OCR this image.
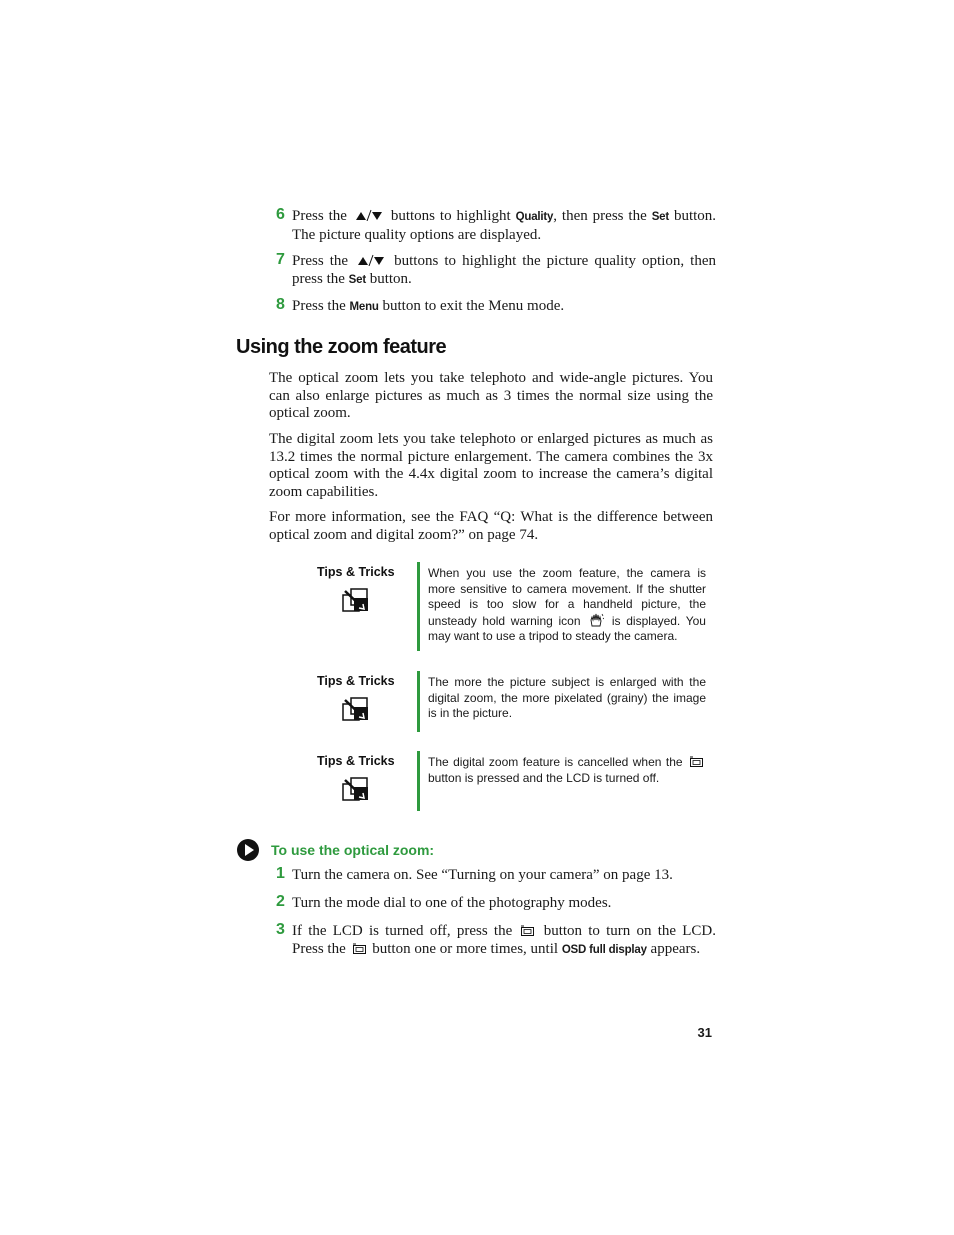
6 Press the	buttons to highlight Quality, then press the Set button. The picture quality options are displayed.
7 Press the	buttons to highlight the picture quality option, then press the Set button.
8 Press the Menu button to exit the Menu mode.
Using the zoom feature

The optical zoom lets you take telephoto and wide-angle pictures. You can also enlarge pictures as much as 3 times the normal size using the optical zoom.

The digital zoom lets you take telephoto or enlarged pictures as much as 13.2 times the normal picture enlargement. The camera combines the 3x optical zoom with the 4.4x digital zoom to increase the camera’s digital zoom capabilities.

For more information, see the FAQ “Q: What is the difference between optical zoom and digital zoom?” on page 74.

Tips & Tricks	When you use the zoom feature, the camera is more sensitive to camera movement. If the shutter speed is too slow for a handheld picture, the unsteady hold warning icon	is displayed. You may want to use a tripod to steady the camera.
Tips & Tricks	The more the picture subject is enlarged with the digital zoom, the more pixelated (grainy) the image is in the picture.
Tips & Tricks	The digital zoom feature is cancelled when the  button is pressed and the LCD is turned off.
To use the optical zoom:
1 Turn the camera on. See “Turning on your camera” on page 13.
2 Turn the mode dial to one of the photography modes.
3 If the LCD is turned off, press the button to turn on the LCD. Press the button one or more times, until OSD full display appears.
31
